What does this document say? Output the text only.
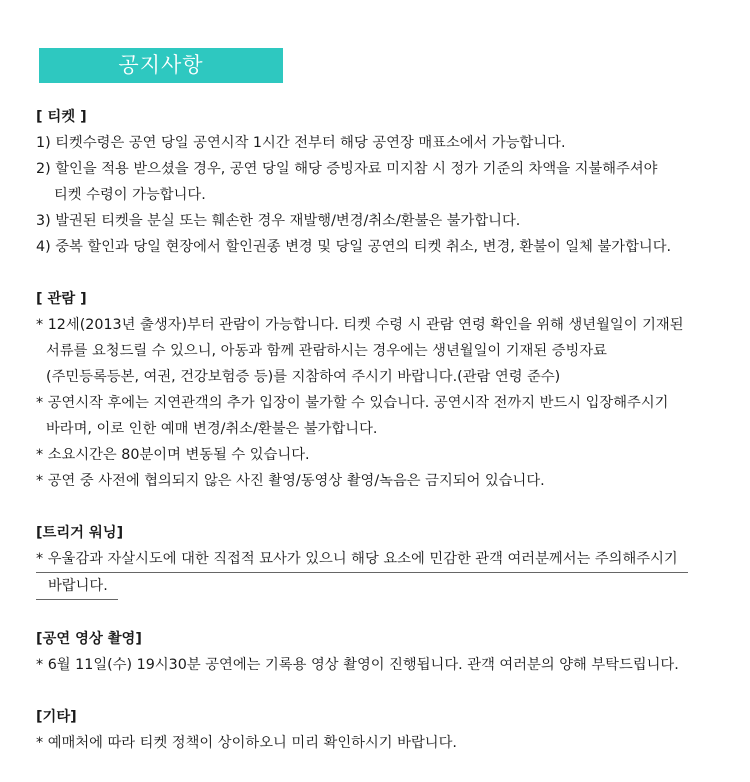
공지사항

[ 티켓 ]

1) 티켓수령은 공연 당일 공연시작 1시간 전부터 해당 공연장 매표소에서 가능합니다.

2) 할인을 적용 받으셨을 경우, 공연 당일 해당 증빙자료 미지참 시 정가 기준의 차액을 지불해주셔야

티켓 수령이 가능합니다.

3) 발권된 티켓을 분실 또는 훼손한 경우 재발행/변경/취소/환불은 불가합니다.

4) 중복 할인과 당일 현장에서 할인권종 변경 및 당일 공연의 티켓 취소, 변경, 환불이 일체 불가합니다.

[ 관람 ]

* 12세(2013년 출생자)부터 관람이 가능합니다. 티켓 수령 시 관람 연령 확인을 위해 생년월일이 기재된

서류를 요청드릴 수 있으니, 아동과 함께 관람하시는 경우에는 생년월일이 기재된 증빙자료

(주민등록등본, 여권, 건강보험증 등)를 지참하여 주시기 바랍니다.(관람 연령 준수)

* 공연시작 후에는 지연관객의 추가 입장이 불가할 수 있습니다. 공연시작 전까지 반드시 입장해주시기

바라며, 이로 인한 예매 변경/취소/환불은 불가합니다.

* 소요시간은 80분이며 변동될 수 있습니다.

* 공연 중 사전에 협의되지 않은 사진 촬영/동영상 촬영/녹음은 금지되어 있습니다.

[트리거 워닝]

* 우울감과 자살시도에 대한 직접적 묘사가 있으니 해당 요소에 민감한 관객 여러분께서는 주의해주시기

바랍니다.

[공연 영상 촬영]

* 6월 11일(수) 19시30분 공연에는 기록용 영상 촬영이 진행됩니다. 관객 여러분의 양해 부탁드립니다.

[기타]

* 예매처에 따라 티켓 정책이 상이하오니 미리 확인하시기 바랍니다.
